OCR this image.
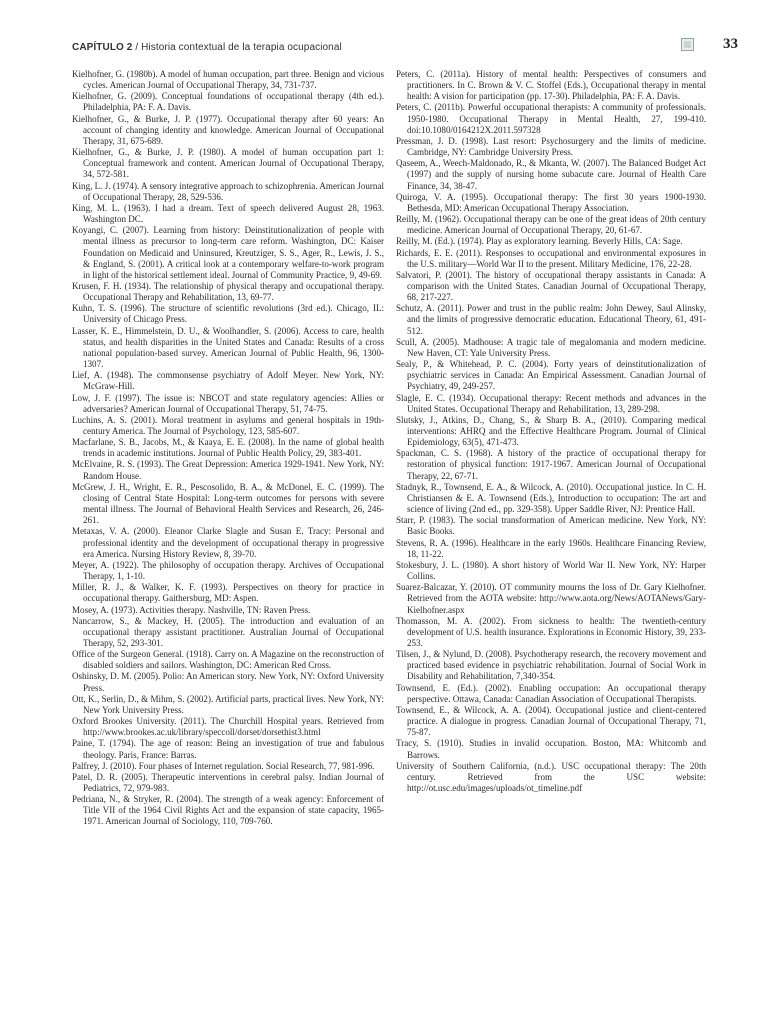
CAPÍTULO 2 / Historia contextual de la terapia ocupacional	33

Kielhofner, G. (1980b). A model of human occupation, part three. Benign and vicious cycles. American Journal of Occupational Therapy, 34, 731-737.

Kielhofner, G. (2009). Conceptual foundations of occupational therapy (4th ed.). Philadelphia, PA: F. A. Davis.

Kielhofner, G., & Burke, J. P. (1977). Occupational therapy after 60 years: An account of changing identity and knowledge. American Journal of Occupational Therapy, 31, 675-689.

Kielhofner, G., & Burke, J. P. (1980). A model of human occupation part 1: Conceptual framework and content. American Journal of Occupational Therapy, 34, 572-581.

King, L. J. (1974). A sensory integrative approach to schizophrenia. American Journal of Occupational Therapy, 28, 529-536.

King, M. L. (1963). I had a dream. Text of speech delivered August 28, 1963. Washington DC.

Koyangi, C. (2007). Learning from history: Deinstitutionalization of people with mental illness as precursor to long-term care reform. Washington, DC: Kaiser Foundation on Medicaid and Uninsured, Kreutziger, S. S., Ager, R., Lewis, J. S., & England, S. (2001). A critical look at a contemporary welfare-to-work program in light of the historical settlement ideal. Journal of Community Practice, 9, 49-69.

Krusen, F. H. (1934). The relationship of physical therapy and occupational therapy. Occupational Therapy and Rehabilitation, 13, 69-77.

Kuhn, T. S. (1996). The structure of scientific revolutions (3rd ed.). Chicago, IL: University of Chicago Press.

Lasser, K. E., Himmelstein, D. U., & Woolhandler, S. (2006). Access to care, health status, and health disparities in the United States and Canada: Results of a cross national population-based survey. American Journal of Public Health, 96, 1300-1307.

Lief, A. (1948). The commonsense psychiatry of Adolf Meyer. New York, NY: McGraw-Hill.

Low, J. F. (1997). The issue is: NBCOT and state regulatory agencies: Allies or adversaries? American Journal of Occupational Therapy, 51, 74-75.

Luchins, A. S. (2001). Moral treatment in asylums and general hospitals in 19th-century America. The Journal of Psychology, 123, 585-607.

Macfarlane, S. B., Jacobs, M., & Kaaya, E. E. (2008). In the name of global health trends in academic institutions. Journal of Public Health Policy, 29, 383-401.

McElvaine, R. S. (1993). The Great Depression: America 1929-1941. New York, NY: Random House.

McGrew, J. H., Wright, E. R., Pescosolido, B. A., & McDonel, E. C. (1999). The closing of Central State Hospital: Long-term outcomes for persons with severe mental illness. The Journal of Behavioral Health Services and Research, 26, 246-261.

Metaxas, V. A. (2000). Eleanor Clarke Slagle and Susan E. Tracy: Personal and professional identity and the development of occupational therapy in progressive era America. Nursing History Review, 8, 39-70.

Meyer, A. (1922). The philosophy of occupation therapy. Archives of Occupational Therapy, 1, 1-10.

Miller, R. J., & Walker, K. F. (1993). Perspectives on theory for practice in occupational therapy. Gaithersburg, MD: Aspen.

Mosey, A. (1973). Activities therapy. Nashville, TN: Raven Press.

Nancarrow, S., & Mackey, H. (2005). The introduction and evaluation of an occupational therapy assistant practitioner. Australian Journal of Occupational Therapy, 52, 293-301.

Office of the Surgeon General. (1918). Carry on. A Magazine on the reconstruction of disabled soldiers and sailors. Washington, DC: American Red Cross.

Oshinsky, D. M. (2005). Polio: An American story. New York, NY: Oxford University Press.

Ott, K., Serlin, D., & Mihm, S. (2002). Artificial parts, practical lives. New York, NY: New York University Press.

Oxford Brookes University. (2011). The Churchill Hospital years. Retrieved from http://www.brookes.ac.uk/library/speccoll/dorset/dorsethist3.html

Paine, T. (1794). The age of reason: Being an investigation of true and fabulous theology. Paris, France: Barras.

Palfrey, J. (2010). Four phases of Internet regulation. Social Research, 77, 981-996.

Patel, D. R. (2005). Therapeutic interventions in cerebral palsy. Indian Journal of Pediatrics, 72, 979-983.

Pedriana, N., & Stryker, R. (2004). The strength of a weak agency: Enforcement of Title VII of the 1964 Civil Rights Act and the expansion of state capacity, 1965-1971. American Journal of Sociology, 110, 709-760.

Peters, C. (2011a). History of mental health: Perspectives of consumers and practitioners. In C. Brown & V. C. Stoffel (Eds.), Occupational therapy in mental health: A vision for participation (pp. 17-30). Philadelphia, PA: F. A. Davis.

Peters, C. (2011b). Powerful occupational therapists: A community of professionals. 1950-1980. Occupational Therapy in Mental Health, 27, 199-410. doi:10.1080/0164212X.2011.597328

Pressman, J. D. (1998). Last resort: Psychosurgery and the limits of medicine. Cambridge, NY: Cambridge University Press.

Qaseem, A., Weech-Maldonado, R., & Mkanta, W. (2007). The Balanced Budget Act (1997) and the supply of nursing home subacute care. Journal of Health Care Finance, 34, 38-47.

Quiroga, V. A. (1995). Occupational therapy: The first 30 years 1900-1930. Bethesda, MD: American Occupational Therapy Association.

Reilly, M. (1962). Occupational therapy can be one of the great ideas of 20th century medicine. American Journal of Occupational Therapy, 20, 61-67.

Reilly, M. (Ed.). (1974). Play as exploratory learning. Beverly Hills, CA: Sage.

Richards, E. E. (2011). Responses to occupational and environmental exposures in the U.S. military—World War II to the present. Military Medicine, 176, 22-28.

Salvatori, P. (2001). The history of occupational therapy assistants in Canada: A comparison with the United States. Canadian Journal of Occupational Therapy, 68, 217-227.

Schutz, A. (2011). Power and trust in the public realm: John Dewey, Saul Alinsky, and the limits of progressive democratic education. Educational Theory, 61, 491-512.

Scull, A. (2005). Madhouse: A tragic tale of megalomania and modern medicine. New Haven, CT: Yale University Press.

Sealy, P., & Whitehead, P. C. (2004). Forty years of deinstitutionalization of psychiatric services in Canada: An Empirical Assessment. Canadian Journal of Psychiatry, 49, 249-257.

Slagle, E. C. (1934). Occupational therapy: Recent methods and advances in the United States. Occupational Therapy and Rehabilitation, 13, 289-298.

Slutsky, J., Atkins, D., Chang, S., & Sharp B. A., (2010). Comparing medical interventions: AHRQ and the Effective Healthcare Program. Journal of Clinical Epidemiology, 63(5), 471-473.

Spackman, C. S. (1968). A history of the practice of occupational therapy for restoration of physical function: 1917-1967. American Journal of Occupational Therapy, 22, 67-71.

Stadnyk, R., Townsend, E. A., & Wilcock, A. (2010). Occupational justice. In C. H. Christiansen & E. A. Townsend (Eds.), Introduction to occupation: The art and science of living (2nd ed., pp. 329-358). Upper Saddle River, NJ: Prentice Hall.

Starr, P. (1983). The social transformation of American medicine. New York, NY: Basic Books.

Stevens, R. A. (1996). Healthcare in the early 1960s. Healthcare Financing Review, 18, 11-22.

Stokesbury, J. L. (1980). A short history of World War II. New York, NY: Harper Collins.

Suarez-Balcazar, Y. (2010). OT community mourns the loss of Dr. Gary Kielhofner. Retrieved from the AOTA website: http://www.aota.org/News/AOTANews/Gary-Kielhofner.aspx

Thomasson, M. A. (2002). From sickness to health: The twentieth-century development of U.S. health insurance. Explorations in Economic History, 39, 233-253.

Tilsen, J., & Nylund, D. (2008). Psychotherapy research, the recovery movement and practiced based evidence in psychiatric rehabilitation. Journal of Social Work in Disability and Rehabilitation, 7,340-354.

Townsend, E. (Ed.). (2002). Enabling occupation: An occupational therapy perspective. Ottawa, Canada: Canadian Association of Occupational Therapists.

Townsend, E., & Wilcock, A. A. (2004). Occupational justice and client-centered practice. A dialogue in progress. Canadian Journal of Occupational Therapy, 71, 75-87.

Tracy, S. (1910). Studies in invalid occupation. Boston, MA: Whitcomb and Barrows.

University of Southern California, (n.d.). USC occupational therapy: The 20th century. Retrieved from the USC website: http://ot.usc.edu/images/uploads/ot_timeline.pdf
